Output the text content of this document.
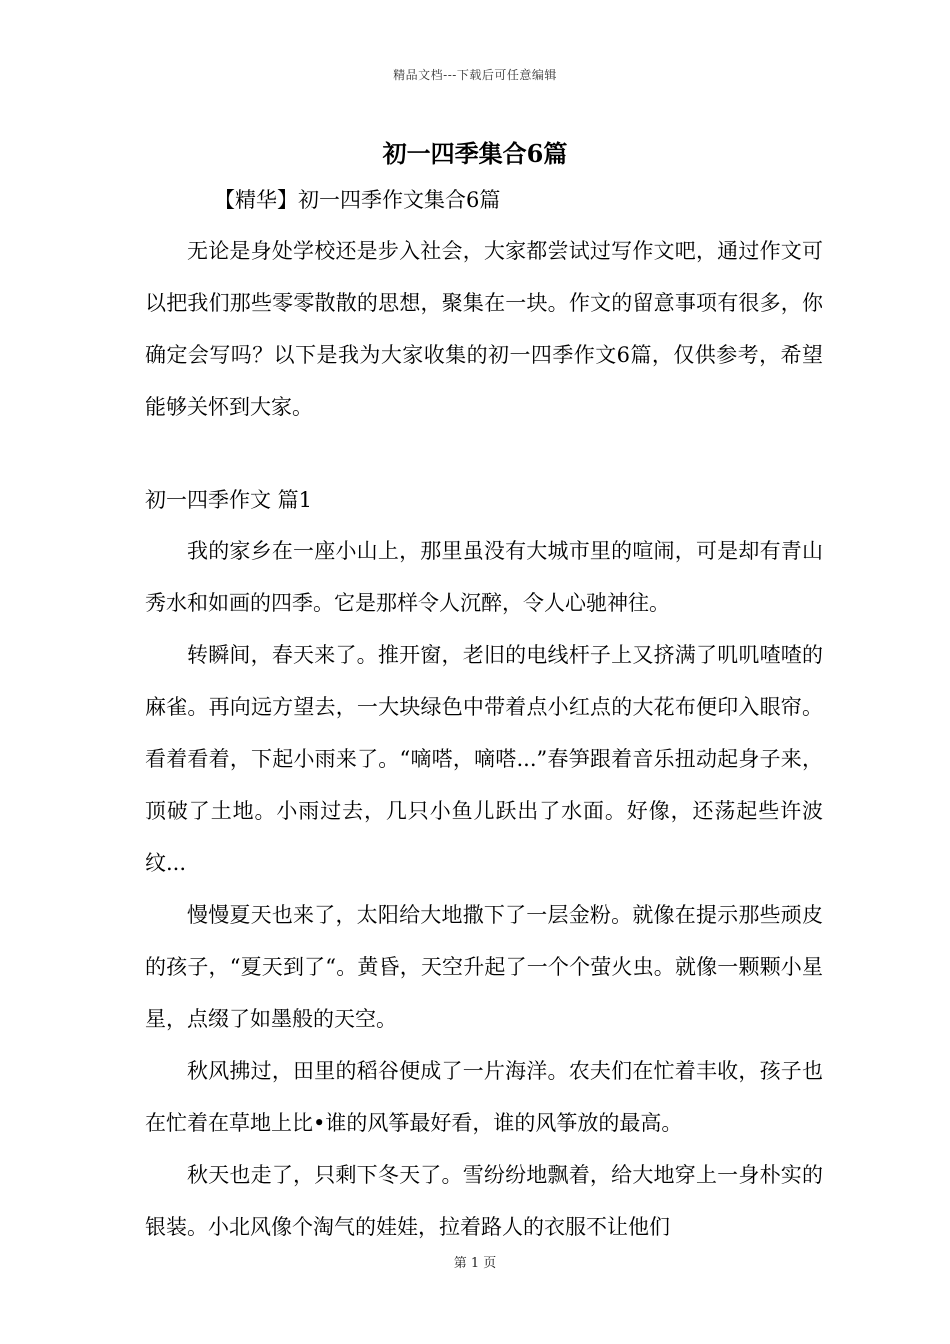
精品文档---下载后可任意编辑
初一四季集合6篇
【精华】初一四季作文集合6篇

无论是身处学校还是步入社会，大家都尝试过写作文吧，通过作文可以把我们那些零零散散的思想，聚集在一块。作文的留意事项有很多，你确定会写吗？以下是我为大家收集的初一四季作文6篇，仅供参考，希望能够关怀到大家。

初一四季作文 篇1

我的家乡在一座小山上，那里虽没有大城市里的喧闹，可是却有青山秀水和如画的四季。它是那样令人沉醉，令人心驰神往。

转瞬间，春天来了。推开窗，老旧的电线杆子上又挤满了叽叽喳喳的麻雀。再向远方望去，一大块绿色中带着点小红点的大花布便印入眼帘。看着看着，下起小雨来了。“嘀嗒，嘀嗒...”春笋跟着音乐扭动起身子来，顶破了土地。小雨过去，几只小鱼儿跃出了水面。好像，还荡起些许波纹...

慢慢夏天也来了，太阳给大地撒下了一层金粉。就像在提示那些顽皮的孩子，“夏天到了“。黄昏，天空升起了一个个萤火虫。就像一颗颗小星星，点缀了如墨般的天空。

秋风拂过，田里的稻谷便成了一片海洋。农夫们在忙着丰收，孩子也在忙着在草地上比•谁的风筝最好看，谁的风筝放的最高。

秋天也走了，只剩下冬天了。雪纷纷地飘着，给大地穿上一身朴实的银装。小北风像个淘气的娃娃，拉着路人的衣服不让他们

第 1 页
